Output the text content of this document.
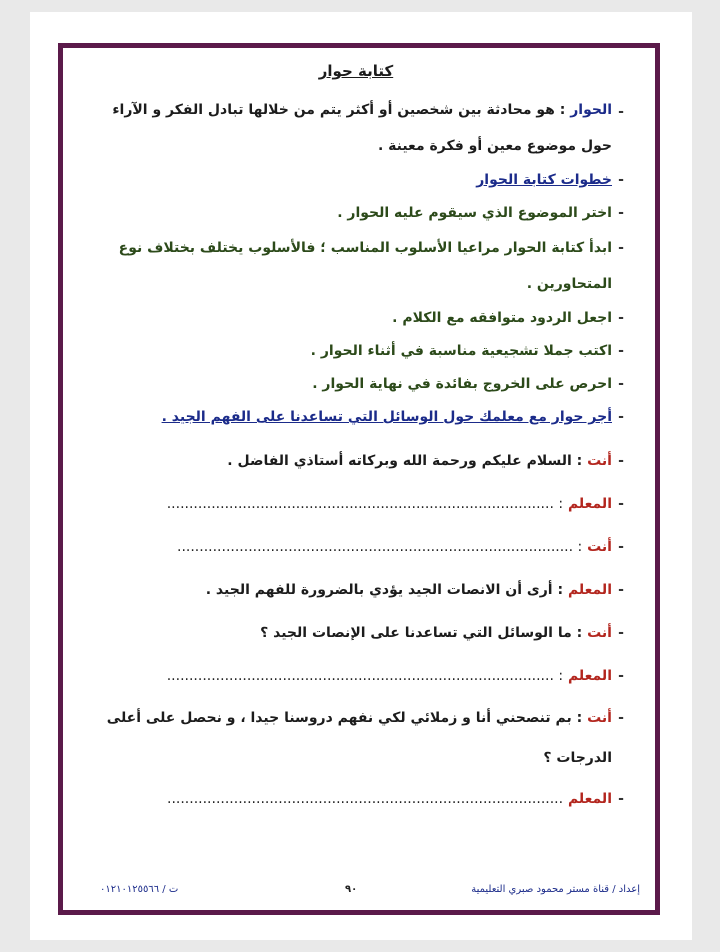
كتابة حوار
-
الحوار : هو محادثة بين شخصين أو أكثر يتم من خلالها تبادل الفكر و الآراء حول موضوع معين أو فكرة معينة .
-
خطوات كتابة الحوار
-
اختر الموضوع الذي سيقوم عليه الحوار .
-
ابدأ كتابة الحوار مراعيا الأسلوب المناسب ؛ فالأسلوب يختلف بختلاف نوع المتحاورين .
-
اجعل الردود متوافقه مع الكلام .
-
اكتب جملا تشجيعية مناسبة في أثناء الحوار .
-
احرص على الخروج بفائدة في نهاية الحوار .
-
أجر حوار مع معلمك حول الوسائل التي تساعدنا على الفهم الجيد .
-
أنت : السلام عليكم ورحمة الله وبركاته أستاذي الفاضل .
-
المعلم : .......................................................................................
-
أنت : .........................................................................................
-
المعلم : أرى أن الانصات الجيد يؤدي بالضرورة للفهم الجيد .
-
أنت : ما الوسائل التي تساعدنا على الإنصات الجيد ؟
-
المعلم : .......................................................................................
-
أنت : بم تنصحني أنا و زملائي لكي نفهم دروسنا جيدا ، و نحصل على أعلى الدرجات ؟
-
المعلم .........................................................................................
إعداد / قناة مستر محمود صبري التعليمية
٩٠
ت / ٠١٢١٠١٢٥٥٦٦
